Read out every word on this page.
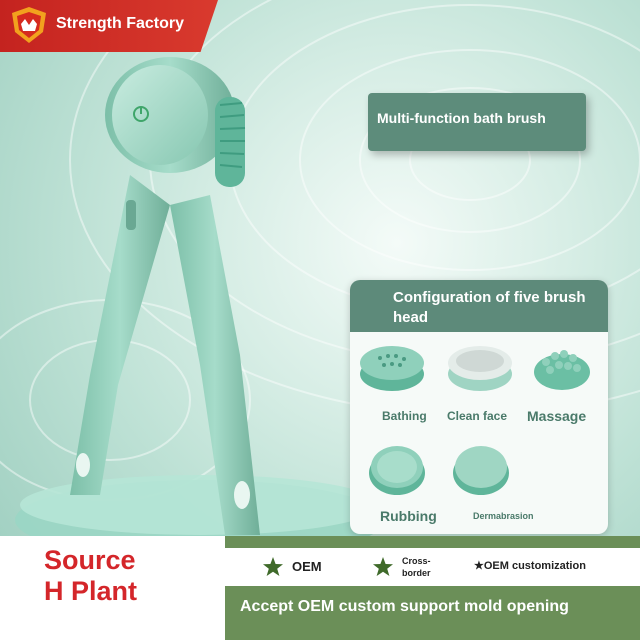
Strength Factory
Multi-function bath brush
Configuration of five brush head
Bathing Clean face Massage
Rubbing	Dermabrasion
Source
H Plant
OEM	Cross-
border
★OEM customization
Accept OEM custom support mold opening
